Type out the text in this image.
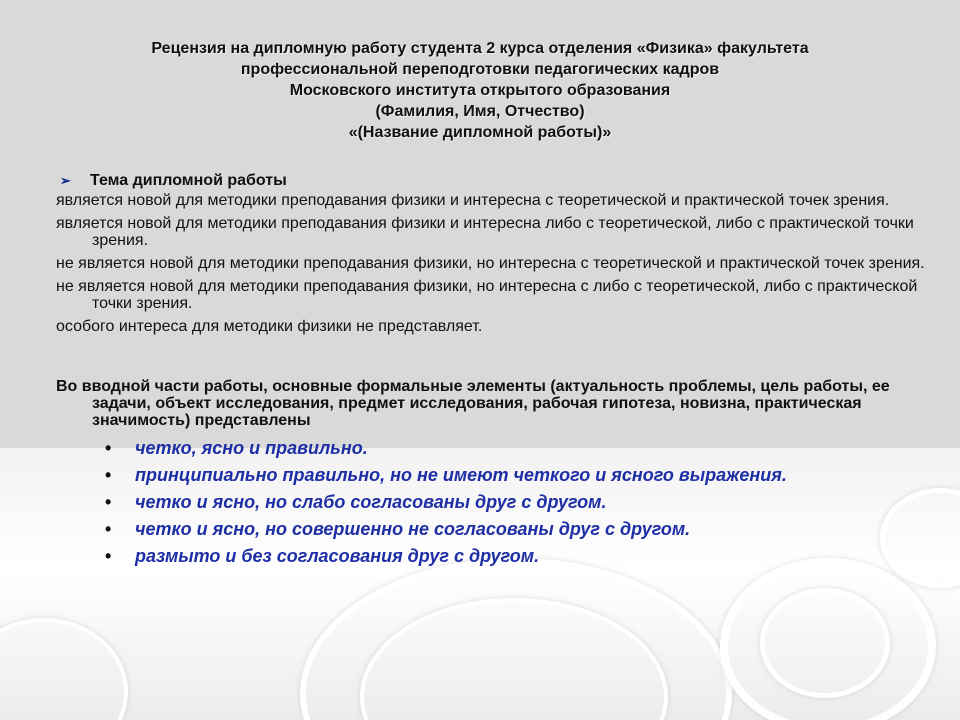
Рецензия на дипломную работу студента 2 курса отделения «Физика» факультета
профессиональной переподготовки педагогических кадров
Московского института открытого образования
(Фамилия, Имя, Отчество)
«(Название дипломной работы)»
➢ Тема дипломной работы
является новой для методики преподавания физики и интересна с теоретической и практической точек зрения.
является новой для методики преподавания физики и интересна либо с теоретической, либо с практической точки зрения.
не является новой для методики преподавания физики, но интересна с теоретической и практической точек зрения.
не является новой для методики преподавания физики, но интересна с либо с теоретической, либо с практической точки зрения.
особого интереса для методики физики не представляет.
Во вводной части работы, основные формальные элементы (актуальность проблемы, цель работы, ее задачи, объект исследования, предмет исследования, рабочая гипотеза, новизна, практическая значимость) представлены
• четко, ясно и правильно.
• принципиально правильно, но не имеют четкого и ясного выражения.
• четко и ясно, но слабо согласованы друг с другом.
• четко и ясно, но совершенно не согласованы друг с другом.
• размыто и без согласования друг с другом.
